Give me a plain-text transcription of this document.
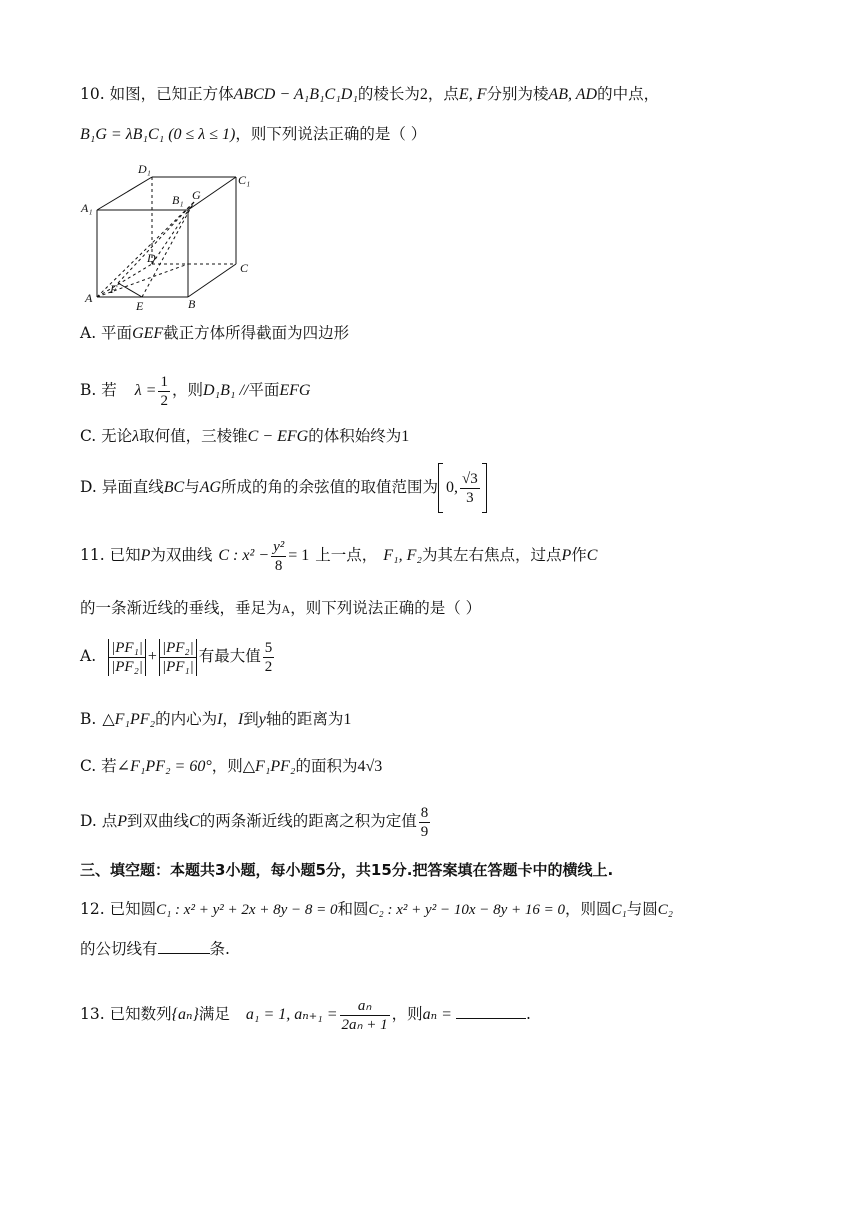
10. 如图，已知正方体ABCD − A₁B₁C₁D₁的棱长为2，点E, F分别为棱AB, AD的中点，
B₁G = λB₁C₁ (0 ≤ λ ≤ 1)，则下列说法正确的是（ ）
D₁
C₁
A₁
B₁ G
D
C
A
F
E	B
A. 平面GEF截正方体所得截面为四边形
B. 若 $\lambda = \frac{1}{2}$ ，则D₁B₁ //平面EFG
C. 无论λ取何值，三棱锥C − EFG的体积始终为1
D. 异面直线BC与AG所成的角的余弦值的取值范围为 0, $\frac{√3}{3}$
11. 已知P为双曲线 C : $x^2 - \frac{\text{y²}}{8} = 1$ 上一点， F₁, F₂为其左右焦点，过点P作C
的一条渐近线的垂线，垂足为A，则下列说法正确的是（ ）
A. $\frac{\text{|PF₁|}}{\text{|PF₂|}} + \frac{\text{|PF₂|}}{\text{|PF₁|}}$ 有最大值 $\frac{5}{2}$
B. △F₁PF₂的内心为I，I到y轴的距离为1
C. 若∠F₁PF₂ = 60°，则△F₁PF₂的面积为4√3
D. 点P到双曲线C的两条渐近线的距离之积为定值 $\frac{8}{9}$
三、填空题：本题共3小题，每小题5分，共15分.把答案填在答题卡中的横线上.
12. 已知圆C₁ : x² + y² + 2x + 8y − 8 = 0和圆C₂ : x² + y² − 10x − 8y + 16 = 0，则圆C₁与圆C₂
的公切线有	条.
13. 已知数列{aₙ}满足 a₁ = 1, $a_{n+1} = \frac{\text{aₙ}}{\text{2aₙ + 1}}$ ，则aₙ =	.
